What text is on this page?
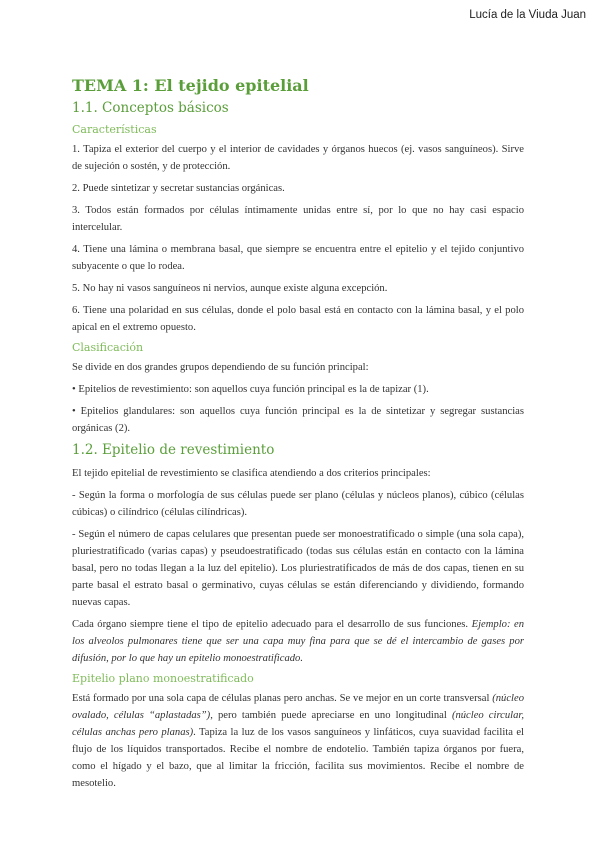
Lucía de la Viuda Juan
TEMA 1: El tejido epitelial
1.1. Conceptos básicos
Características

1. Tapiza el exterior del cuerpo y el interior de cavidades y órganos huecos (ej. vasos sanguíneos). Sirve de sujeción o sostén, y de protección.

2. Puede sintetizar y secretar sustancias orgánicas.

3. Todos están formados por células íntimamente unidas entre sí, por lo que no hay casi espacio intercelular.

4. Tiene una lámina o membrana basal, que siempre se encuentra entre el epitelio y el tejido conjuntivo subyacente o que lo rodea.

5. No hay ni vasos sanguíneos ni nervios, aunque existe alguna excepción.

6. Tiene una polaridad en sus células, donde el polo basal está en contacto con la lámina basal, y el polo apical en el extremo opuesto.

Clasificación

Se divide en dos grandes grupos dependiendo de su función principal:

• Epitelios de revestimiento: son aquellos cuya función principal es la de tapizar (1).

• Epitelios glandulares: son aquellos cuya función principal es la de sintetizar y segregar sustancias orgánicas (2).

1.2. Epitelio de revestimiento

El tejido epitelial de revestimiento se clasifica atendiendo a dos criterios principales:

- Según la forma o morfología de sus células puede ser plano (células y núcleos planos), cúbico (células cúbicas) o cilíndrico (células cilíndricas).

- Según el número de capas celulares que presentan puede ser monoestratificado o simple (una sola capa), pluriestratificado (varias capas) y pseudoestratificado (todas sus células están en contacto con la lámina basal, pero no todas llegan a la luz del epitelio). Los pluriestratificados de más de dos capas, tienen en su parte basal el estrato basal o germinativo, cuyas células se están diferenciando y dividiendo, formando nuevas capas.

Cada órgano siempre tiene el tipo de epitelio adecuado para el desarrollo de sus funciones. Ejemplo: en los alveolos pulmonares tiene que ser una capa muy fina para que se dé el intercambio de gases por difusión, por lo que hay un epitelio monoestratificado.

Epitelio plano monoestratificado

Está formado por una sola capa de células planas pero anchas. Se ve mejor en un corte transversal (núcleo ovalado, células “aplastadas”), pero también puede apreciarse en uno longitudinal (núcleo circular, células anchas pero planas). Tapiza la luz de los vasos sanguíneos y linfáticos, cuya suavidad facilita el flujo de los líquidos transportados. Recibe el nombre de endotelio. También tapiza órganos por fuera, como el hígado y el bazo, que al limitar la fricción, facilita sus movimientos. Recibe el nombre de mesotelio.
